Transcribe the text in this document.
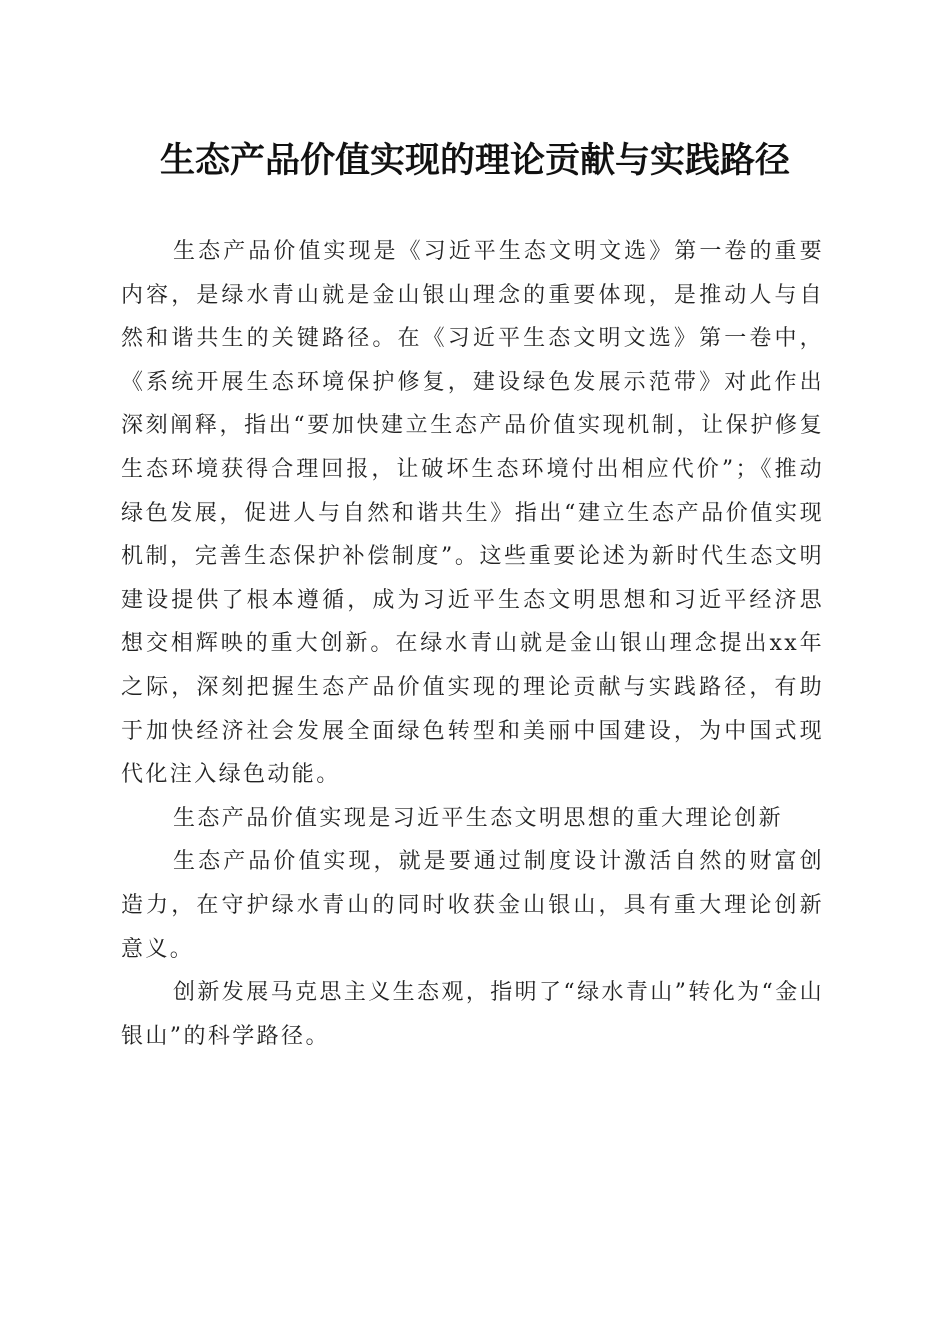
生态产品价值实现的理论贡献与实践路径

生态产品价值实现是《习近平生态文明文选》第一卷的重要内容，是绿水青山就是金山银山理念的重要体现，是推动人与自然和谐共生的关键路径。在《习近平生态文明文选》第一卷中，《系统开展生态环境保护修复，建设绿色发展示范带》对此作出深刻阐释，指出“要加快建立生态产品价值实现机制，让保护修复生态环境获得合理回报，让破坏生态环境付出相应代价”；《推动绿色发展，促进人与自然和谐共生》指出“建立生态产品价值实现机制，完善生态保护补偿制度”。这些重要论述为新时代生态文明建设提供了根本遵循，成为习近平生态文明思想和习近平经济思想交相辉映的重大创新。在绿水青山就是金山银山理念提出xx年之际，深刻把握生态产品价值实现的理论贡献与实践路径，有助于加快经济社会发展全面绿色转型和美丽中国建设，为中国式现代化注入绿色动能。

生态产品价值实现是习近平生态文明思想的重大理论创新

生态产品价值实现，就是要通过制度设计激活自然的财富创造力，在守护绿水青山的同时收获金山银山，具有重大理论创新意义。

创新发展马克思主义生态观，指明了“绿水青山”转化为“金山银山”的科学路径。
